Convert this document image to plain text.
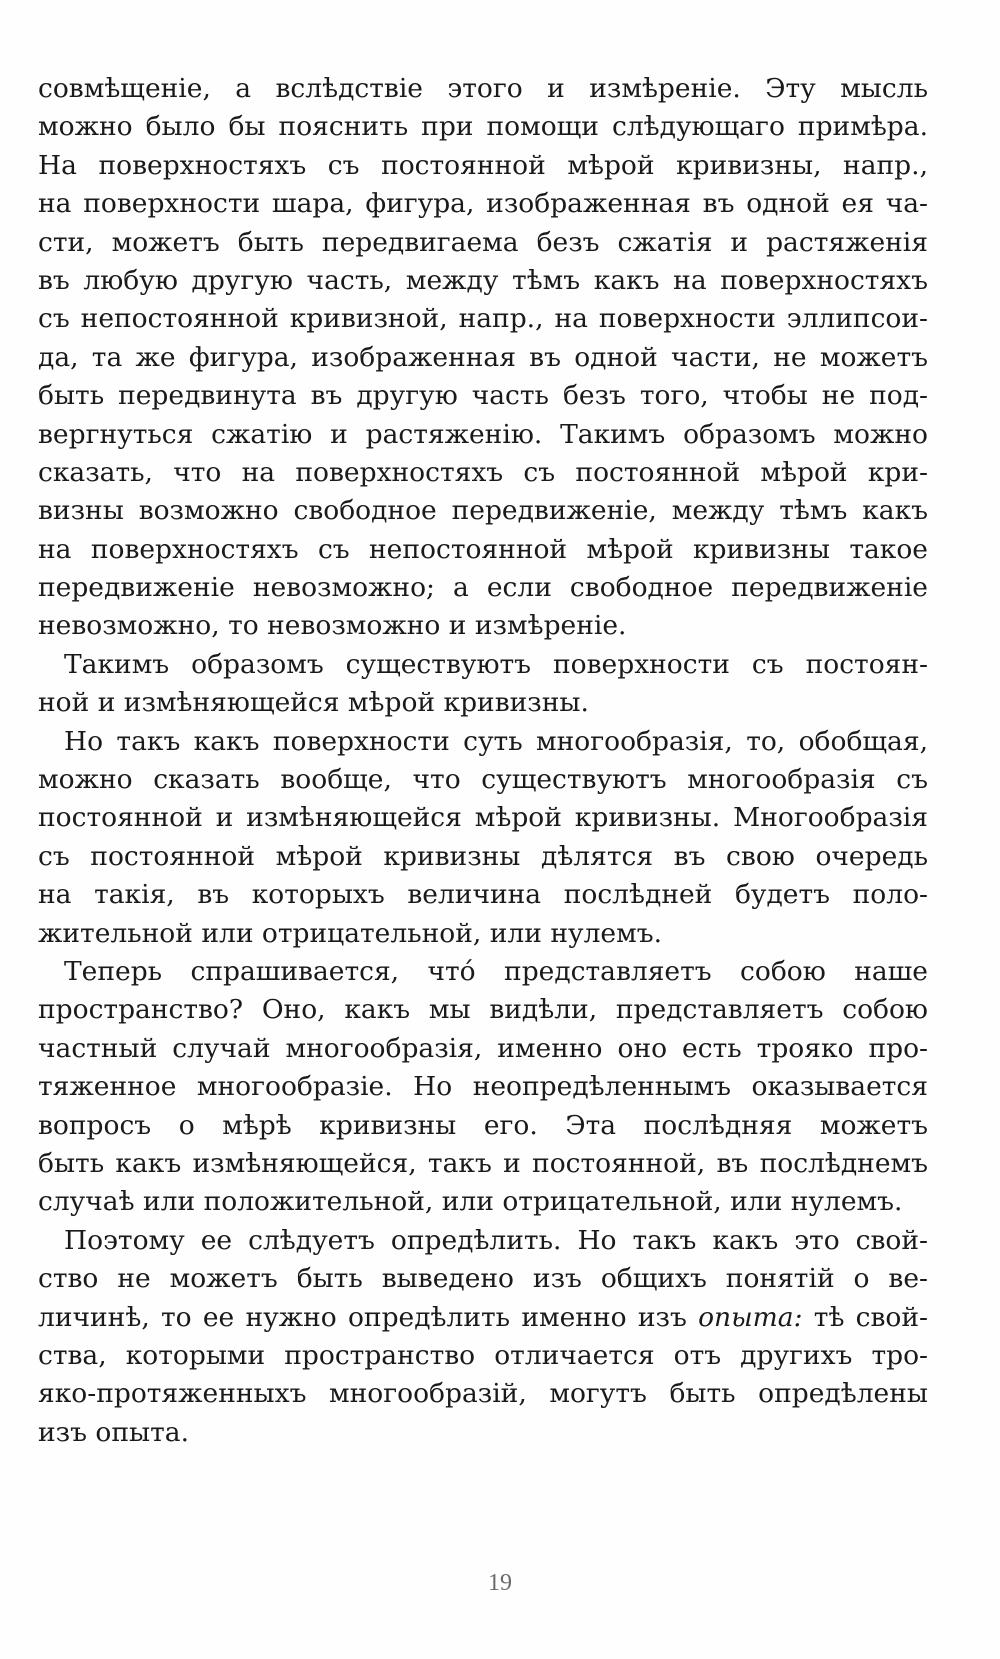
совмѣщеніе, а вслѣдствіе этого и измѣреніе. Эту мысль
можно было бы пояснить при помощи слѣдующаго примѣра.
На поверхностяхъ съ постоянной мѣрой кривизны, напр.,
на поверхности шара, фигура, изображенная въ одной ея ча-
сти, можетъ быть передвигаема безъ сжатія и растяженія
въ любую другую часть, между тѣмъ какъ на поверхностяхъ
съ непостоянной кривизной, напр., на поверхности эллипсои-
да, та же фигура, изображенная въ одной части, не можетъ
быть передвинута въ другую часть безъ того, чтобы не под-
вергнуться сжатію и растяженію. Такимъ образомъ можно
сказать, что на поверхностяхъ съ постоянной мѣрой кри-
визны возможно свободное передвиженіе, между тѣмъ какъ
на поверхностяхъ съ непостоянной мѣрой кривизны такое
передвиженіе невозможно; а если свободное передвиженіе
невозможно, то невозможно и измѣреніе.
Такимъ образомъ существуютъ поверхности съ постоян-
ной и измѣняющейся мѣрой кривизны.
Но такъ какъ поверхности суть многообразія, то, обобщая,
можно сказать вообще, что существуютъ многообразія съ
постоянной и измѣняющейся мѣрой кривизны. Многообразія
съ постоянной мѣрой кривизны дѣлятся въ свою очередь
на такія, въ которыхъ величина послѣдней будетъ поло-
жительной или отрицательной, или нулемъ.
Теперь спрашивается, что́ представляетъ собою наше
пространство? Оно, какъ мы видѣли, представляетъ собою
частный случай многообразія, именно оно есть трояко про-
тяженное многообразіе. Но неопредѣленнымъ оказывается
вопросъ о мѣрѣ кривизны его. Эта послѣдняя можетъ
быть какъ измѣняющейся, такъ и постоянной, въ послѣднемъ
случаѣ или положительной, или отрицательной, или нулемъ.
Поэтому ее слѣдуетъ опредѣлить. Но такъ какъ это свой-
ство не можетъ быть выведено изъ общихъ понятій о ве-
личинѣ, то ее нужно опредѣлить именно изъ опыта: тѣ свой-
ства, которыми пространство отличается отъ другихъ тро-
яко-протяженныхъ многообразій, могутъ быть опредѣлены
изъ опыта.
19
